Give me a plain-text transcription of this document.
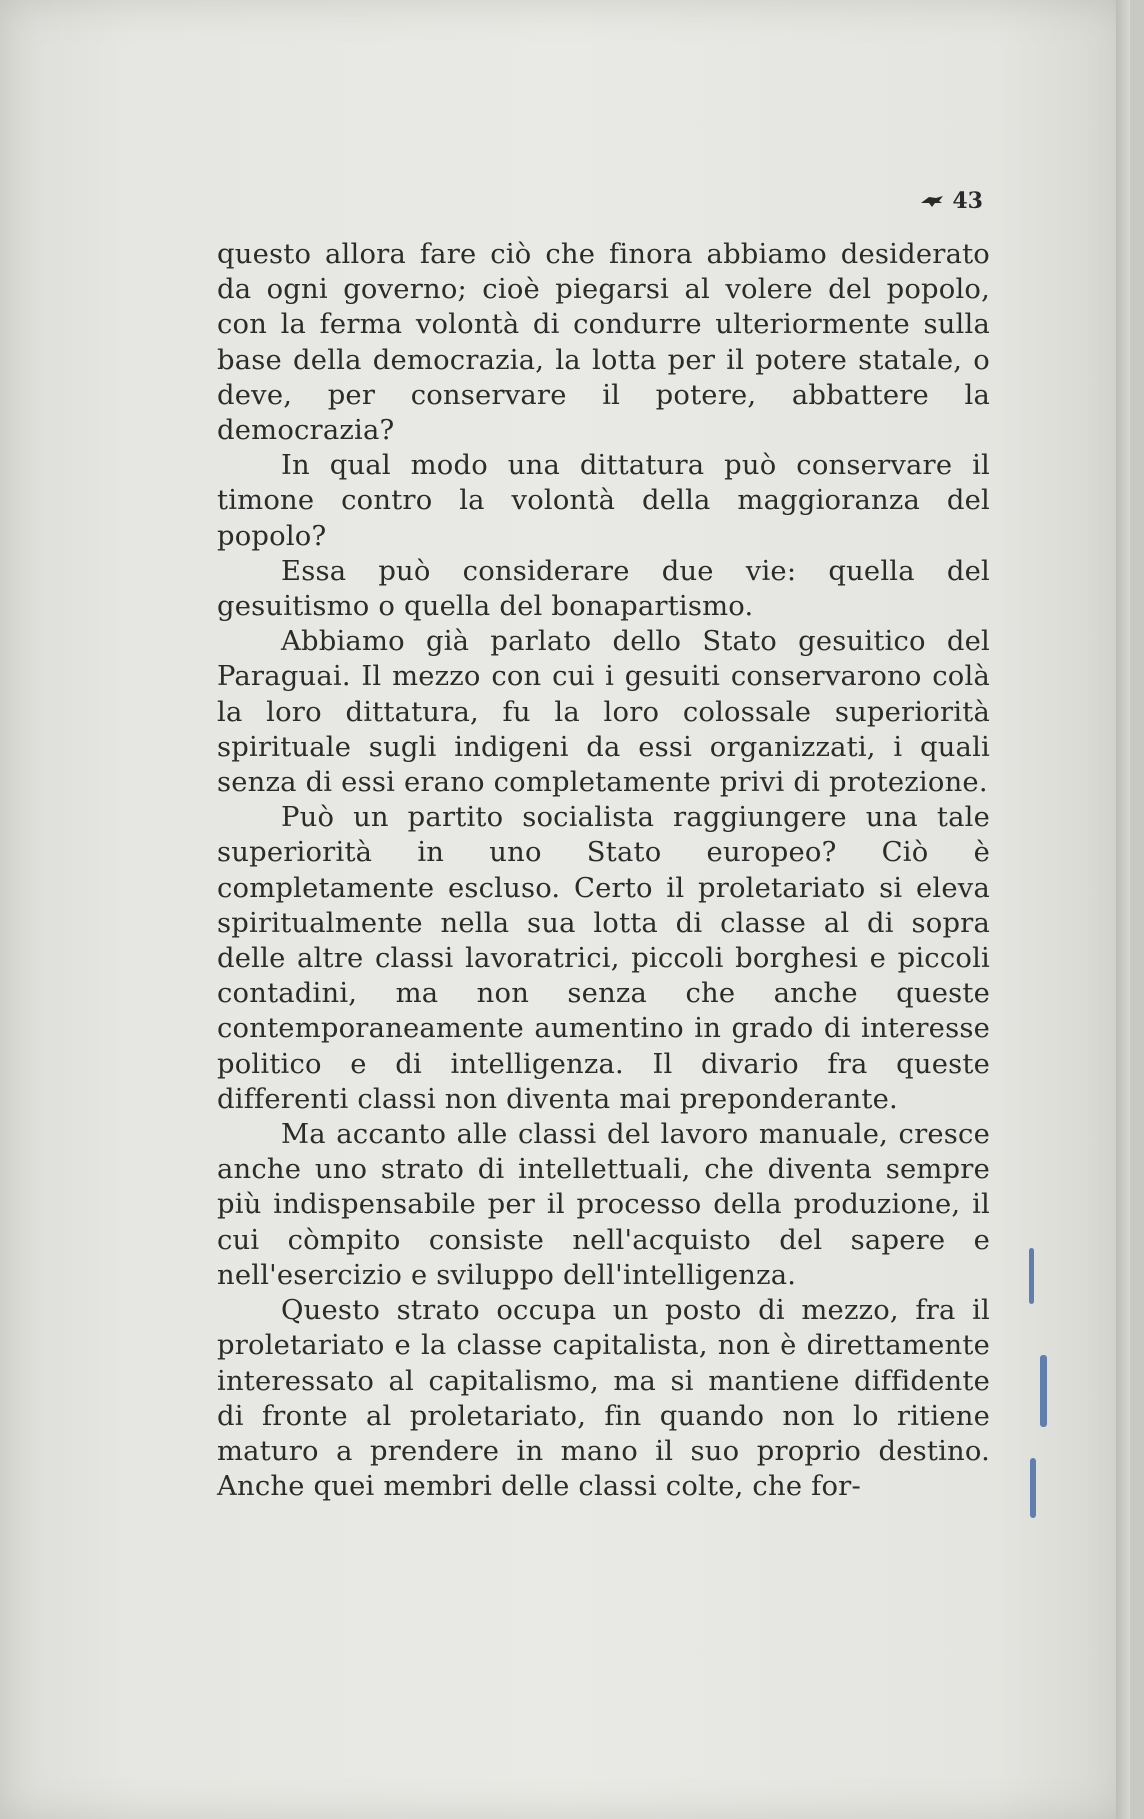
43

questo allora fare ciò che finora abbiamo desiderato da ogni governo; cioè piegarsi al volere del popolo, con la ferma volontà di condurre ulteriormente sulla base della democrazia, la lotta per il potere statale, o deve, per conservare il potere, abbattere la democrazia?

In qual modo una dittatura può conservare il timone contro la volontà della maggioranza del popolo?

Essa può considerare due vie: quella del gesuitismo o quella del bonapartismo.

Abbiamo già parlato dello Stato gesuitico del Paraguai. Il mezzo con cui i gesuiti conservarono colà la loro dittatura, fu la loro colossale superiorità spirituale sugli indigeni da essi organizzati, i quali senza di essi erano completamente privi di protezione.

Può un partito socialista raggiungere una tale superiorità in uno Stato europeo? Ciò è completamente escluso. Certo il proletariato si eleva spiritualmente nella sua lotta di classe al di sopra delle altre classi lavoratrici, piccoli borghesi e piccoli contadini, ma non senza che anche queste contemporaneamente aumentino in grado di interesse politico e di intelligenza. Il divario fra queste differenti classi non diventa mai preponderante.

Ma accanto alle classi del lavoro manuale, cresce anche uno strato di intellettuali, che diventa sempre più indispensabile per il processo della produzione, il cui còmpito consiste nell'acquisto del sapere e nell'esercizio e sviluppo dell'intelligenza.

Questo strato occupa un posto di mezzo, fra il proletariato e la classe capitalista, non è direttamente interessato al capitalismo, ma si mantiene diffidente di fronte al proletariato, fin quando non lo ritiene maturo a prendere in mano il suo proprio destino. Anche quei membri delle classi colte, che for-
